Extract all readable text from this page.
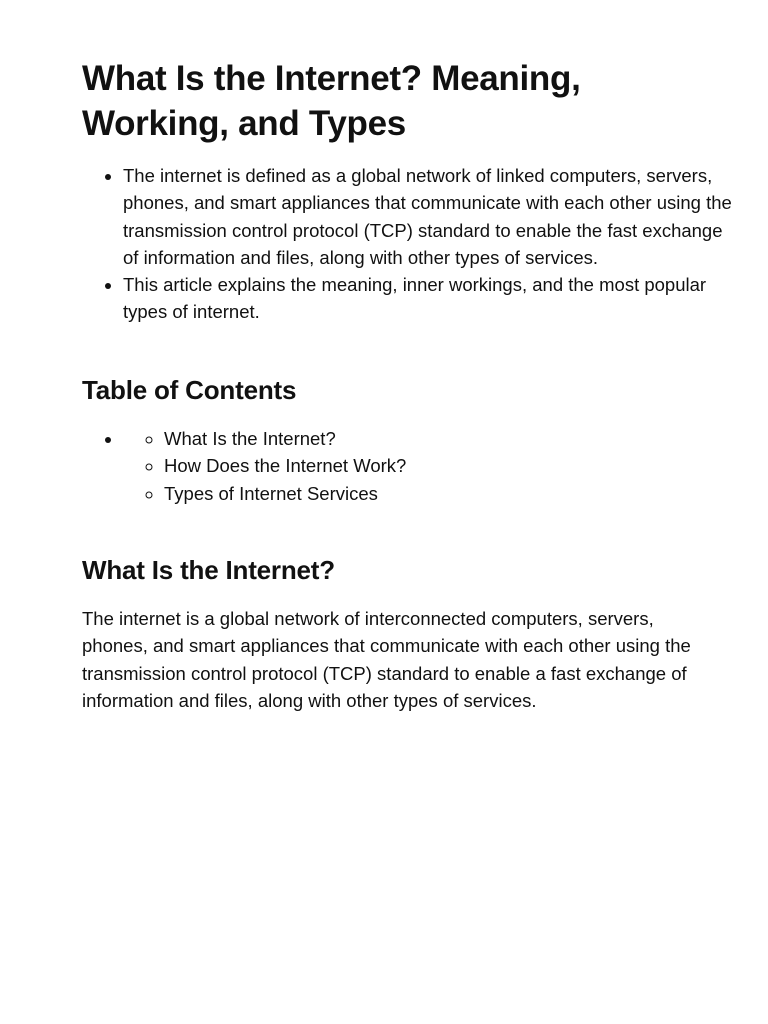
What Is the Internet? Meaning, Working, and Types
• The internet is defined as a global network of linked computers, servers, phones, and smart appliances that communicate with each other using the transmission control protocol (TCP) standard to enable the fast exchange of information and files, along with other types of services.
• This article explains the meaning, inner workings, and the most popular types of internet.
Table of Contents
◦ • What Is the Internet?
◦ How Does the Internet Work?
◦ Types of Internet Services
What Is the Internet?

The internet is a global network of interconnected computers, servers, phones, and smart appliances that communicate with each other using the transmission control protocol (TCP) standard to enable a fast exchange of information and files, along with other types of services.
